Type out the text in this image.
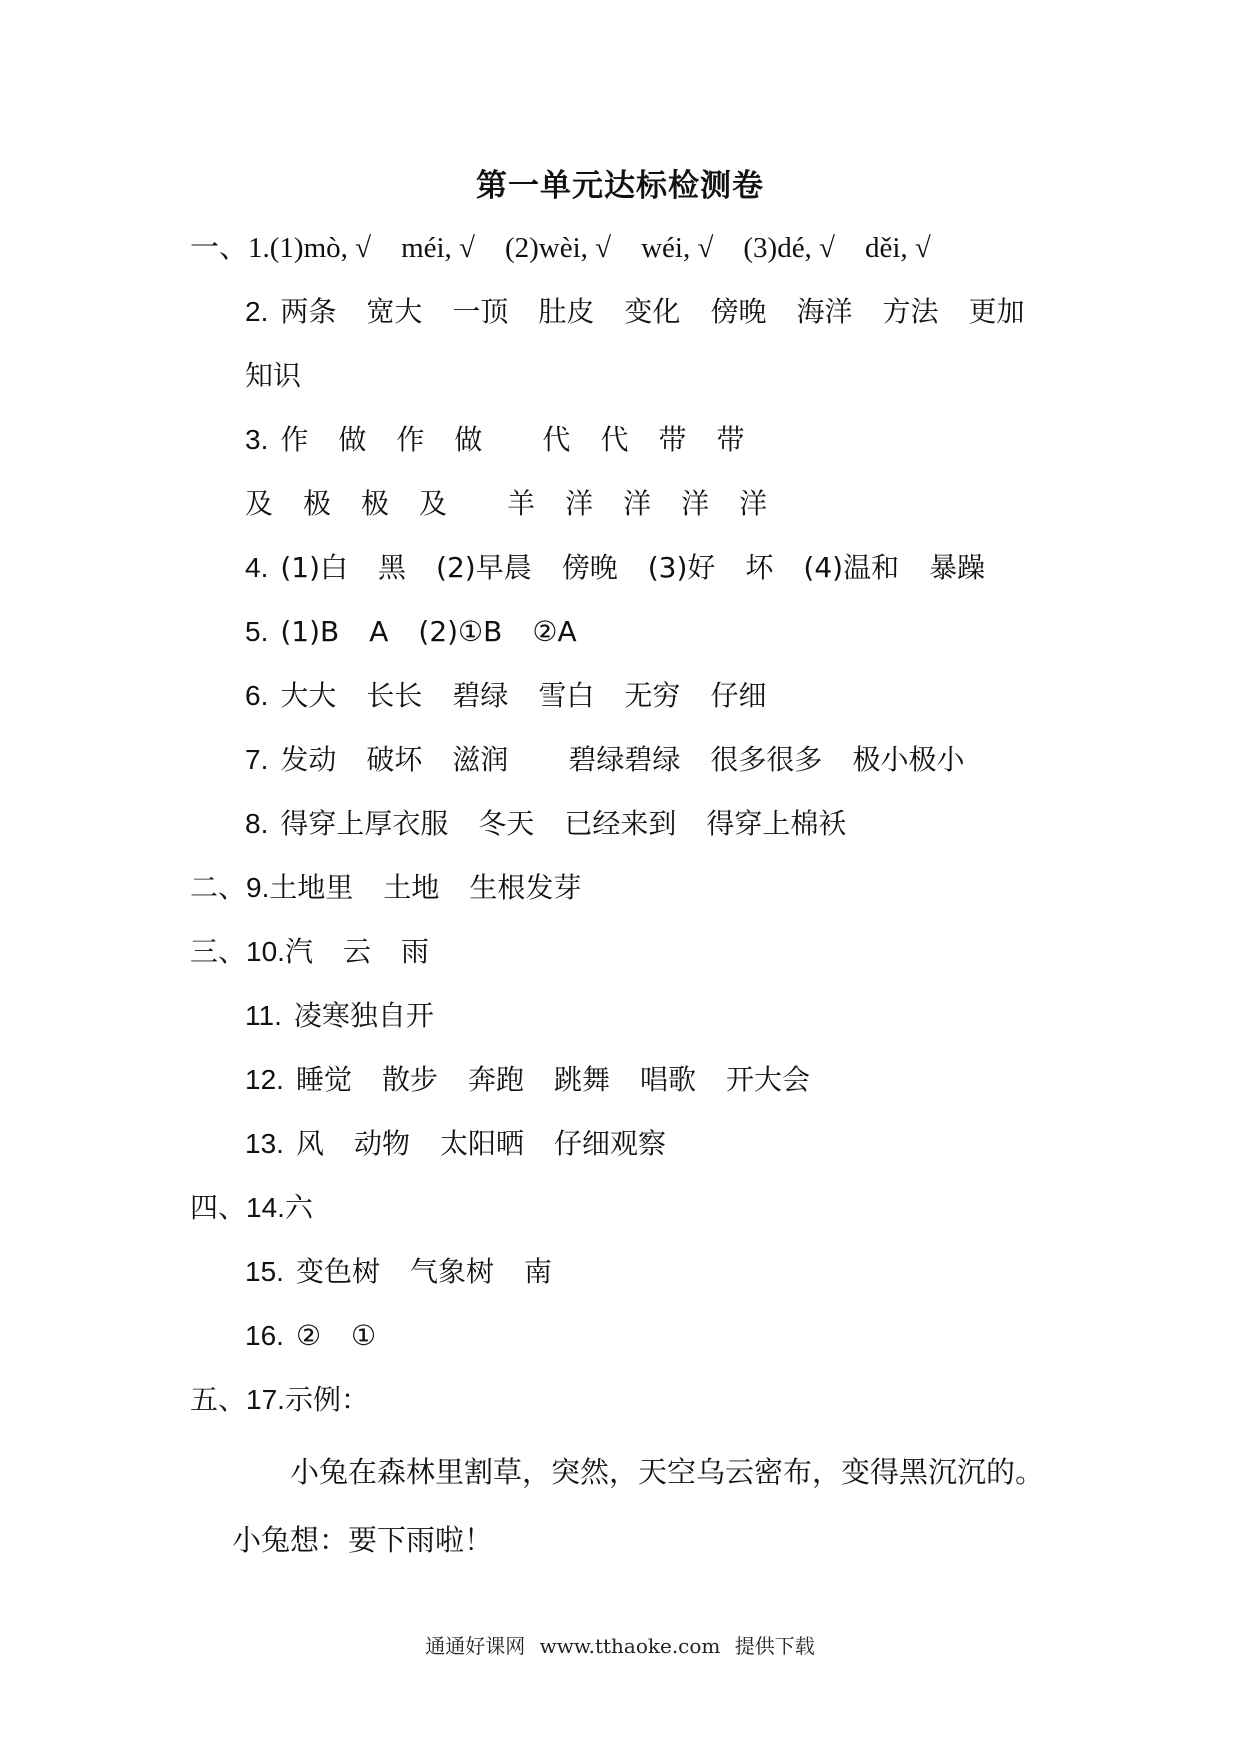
第一单元达标检测卷
一、1.(1)mò, √ méi, √ (2)wèi, √ wéi, √ (3)dé, √ děi, √
2. 两条 宽大 一顶 肚皮 变化 傍晚 海洋 方法 更加
知识
3. 作 做 作 做 代 代 带 带
及 极 极 及 羊 洋 洋 洋 洋
4. (1)白 黑 (2)早晨 傍晚 (3)好 坏 (4)温和 暴躁
5. (1)B A (2)①B ②A
6. 大大 长长 碧绿 雪白 无穷 仔细
7. 发动 破坏 滋润 碧绿碧绿 很多很多 极小极小
8. 得穿上厚衣服 冬天 已经来到 得穿上棉袄
二、9.土地里 土地 生根发芽
三、10.汽 云 雨
11. 凌寒独自开
12. 睡觉 散步 奔跑 跳舞 唱歌 开大会
13. 风 动物 太阳晒 仔细观察
四、14.六
15. 变色树 气象树 南
16. ② ①
五、17.示例：
小兔在森林里割草，突然，天空乌云密布，变得黑沉沉的。
小兔想：要下雨啦！
通通好课网 www.tthaoke.com 提供下载
